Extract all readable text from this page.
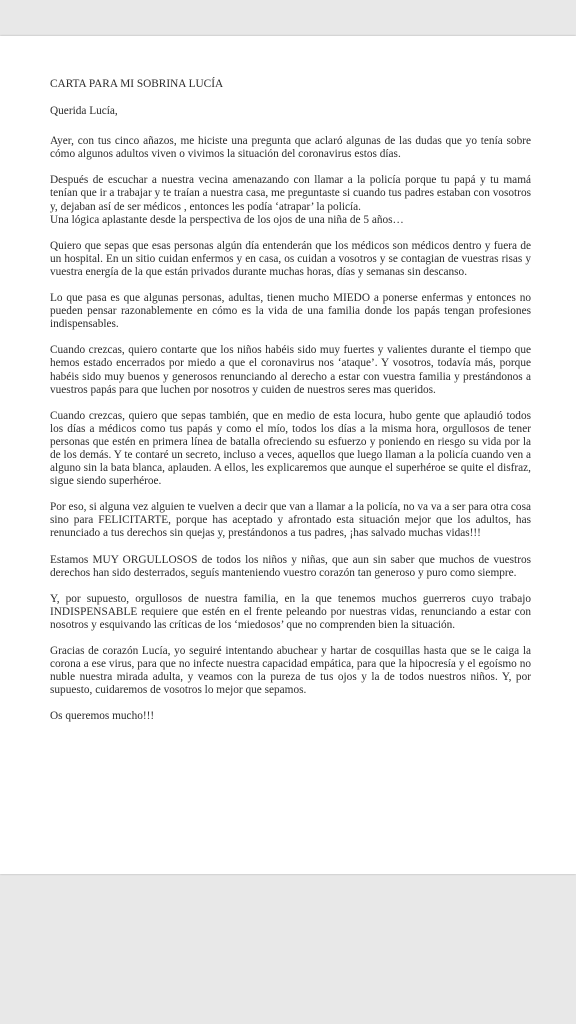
CARTA PARA MI SOBRINA LUCÍA

Querida Lucía,

Ayer, con tus cinco añazos, me hiciste una pregunta que aclaró algunas de las dudas que yo tenía sobre cómo algunos adultos viven o vivimos la situación del coronavirus estos días.

Después de escuchar a nuestra vecina amenazando con llamar a la policía porque tu papá y tu mamá tenían que ir a trabajar y te traían a nuestra casa, me preguntaste si cuando tus padres estaban con vosotros y, dejaban así de ser médicos , entonces les podía ‘atrapar’ la policía.
Una lógica aplastante desde la perspectiva de los ojos de una niña de 5 años…

Quiero que sepas que esas personas algún día entenderán que los médicos son médicos dentro y fuera de un hospital. En un sitio cuidan enfermos y en casa, os cuidan a vosotros y se contagian de vuestras risas y vuestra energía de la que están privados durante muchas horas, días y semanas sin descanso.

Lo que pasa es que algunas personas, adultas, tienen mucho MIEDO a ponerse enfermas y entonces no pueden pensar razonablemente en cómo es la vida de una familia donde los papás tengan profesiones indispensables.

Cuando crezcas, quiero contarte que los niños habéis sido muy fuertes y valientes durante el tiempo que hemos estado encerrados por miedo a que el coronavirus nos ‘ataque’. Y vosotros, todavía más, porque habéis sido muy buenos y generosos renunciando al derecho a estar con vuestra familia y prestándonos a vuestros papás para que luchen por nosotros y cuiden de nuestros seres mas queridos.

Cuando crezcas, quiero que sepas también, que en medio de esta locura, hubo gente que aplaudió todos los días a médicos como tus papás y como el mío, todos los días a la misma hora, orgullosos de tener personas que estén en primera línea de batalla ofreciendo su esfuerzo y poniendo en riesgo su vida por la de los demás. Y te contaré un secreto, incluso a veces, aquellos que luego llaman a la policía cuando ven a alguno sin la bata blanca, aplauden. A ellos, les explicaremos que aunque el superhéroe se quite el disfraz, sigue siendo superhéroe.

Por eso, si alguna vez alguien te vuelven a decir que van a llamar a la policía, no va va a ser para otra cosa sino para FELICITARTE, porque has aceptado y afrontado esta situación mejor que los adultos, has renunciado a tus derechos sin quejas y, prestándonos a tus padres, ¡has salvado muchas vidas!!!

Estamos MUY ORGULLOSOS de todos los niños y niñas, que aun sin saber que muchos de vuestros derechos han sido desterrados, seguís manteniendo vuestro corazón tan generoso y puro como siempre.

Y, por supuesto, orgullosos de nuestra familia, en la que tenemos muchos guerreros cuyo trabajo INDISPENSABLE requiere que estén en el frente peleando por nuestras vidas, renunciando a estar con nosotros y esquivando las críticas de los ‘miedosos’ que no comprenden bien la situación.

Gracias de corazón Lucía, yo seguiré intentando abuchear y hartar de cosquillas hasta que se le caiga la corona a ese virus, para que no infecte nuestra capacidad empática, para que la hipocresía y el egoísmo no nuble nuestra mirada adulta, y veamos con la pureza de tus ojos y la de todos nuestros niños. Y, por supuesto, cuidaremos de vosotros lo mejor que sepamos.

Os queremos mucho!!!
